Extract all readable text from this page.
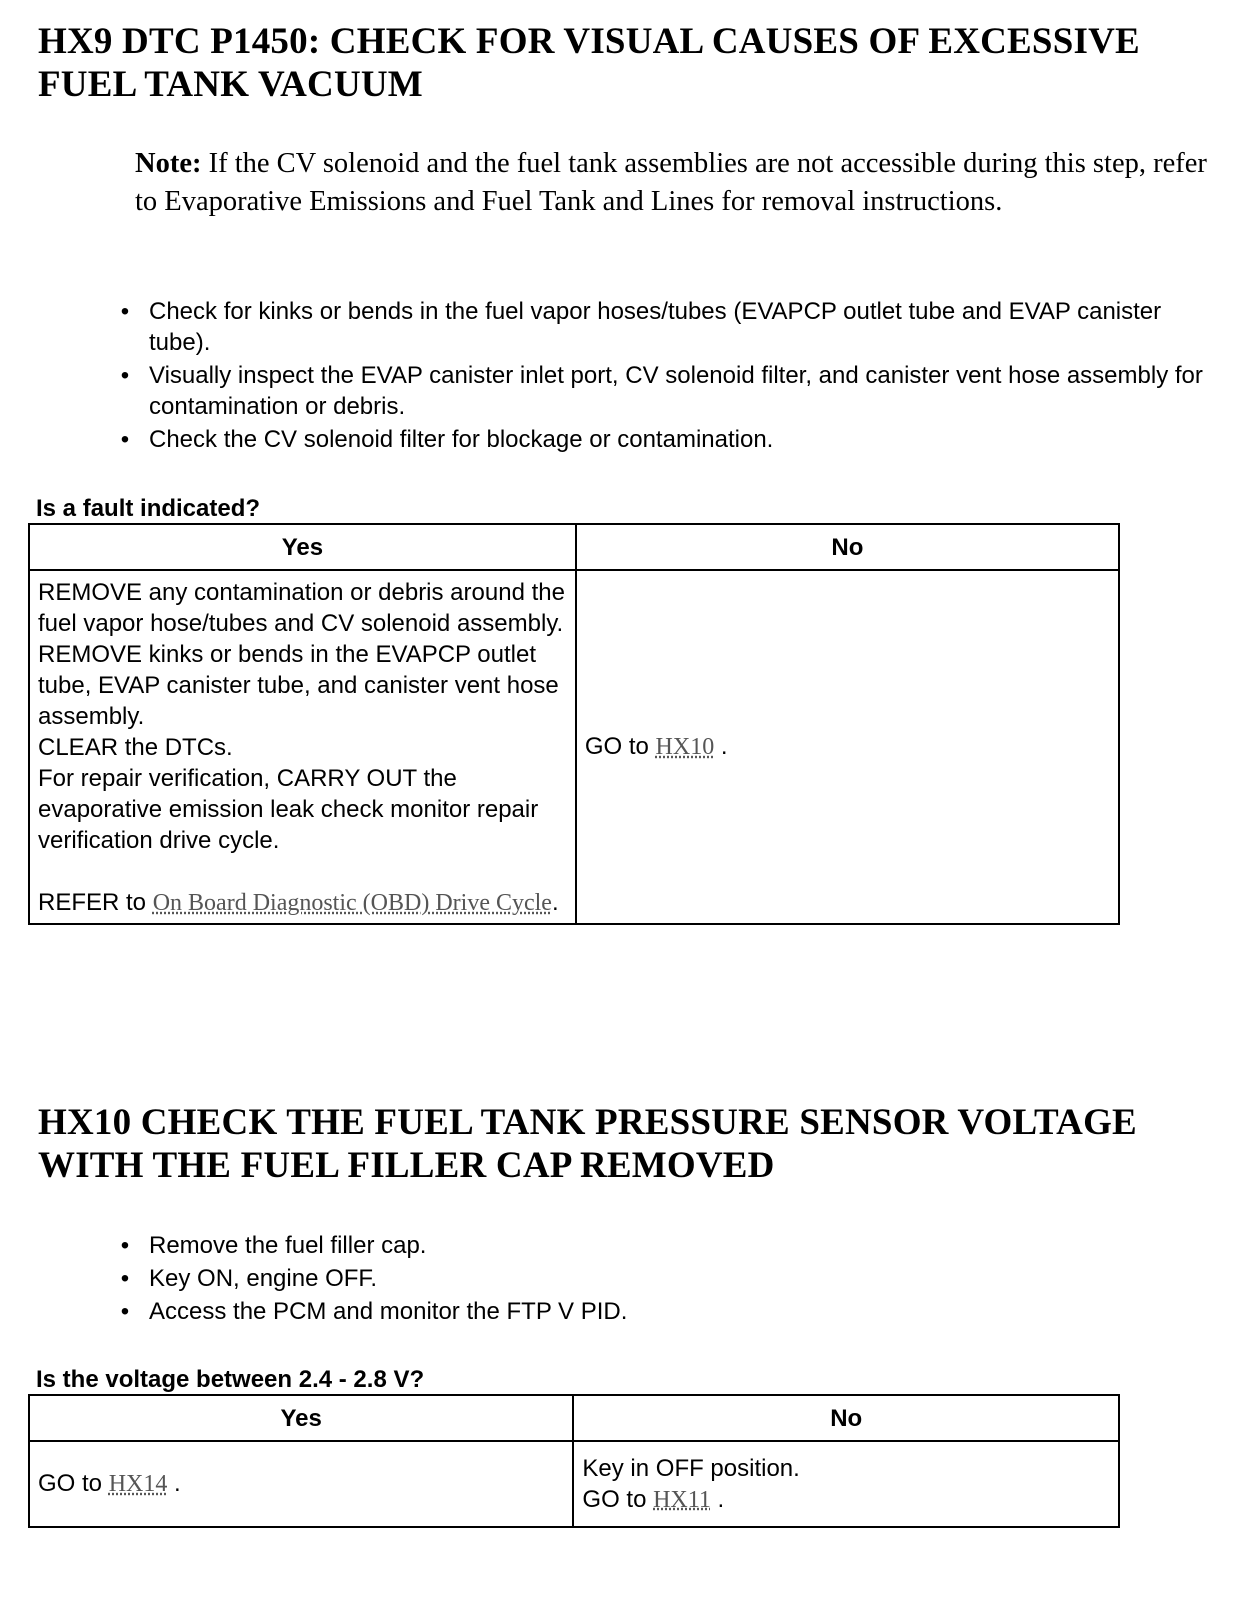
HX9 DTC P1450: CHECK FOR VISUAL CAUSES OF EXCESSIVE FUEL TANK VACUUM
Note: If the CV solenoid and the fuel tank assemblies are not accessible during this step, refer to Evaporative Emissions and Fuel Tank and Lines for removal instructions.
• Check for kinks or bends in the fuel vapor hoses/tubes (EVAPCP outlet tube and EVAP canister tube).
• Visually inspect the EVAP canister inlet port, CV solenoid filter, and canister vent hose assembly for contamination or debris.
• Check the CV solenoid filter for blockage or contamination.
Is a fault indicated?
Yes	No

REMOVE any contamination or debris around the fuel vapor hose/tubes and CV solenoid assembly.
REMOVE kinks or bends in the EVAPCP outlet tube, EVAP canister tube, and canister vent hose assembly.
CLEAR the DTCs.
For repair verification, CARRY OUT the evaporative emission leak check monitor repair verification drive cycle.
REFER to On Board Diagnostic (OBD) Drive Cycle.	GO to HX10 .
HX10 CHECK THE FUEL TANK PRESSURE SENSOR VOLTAGE WITH THE FUEL FILLER CAP REMOVED
• Remove the fuel filler cap.
• Key ON, engine OFF.
• Access the PCM and monitor the FTP V PID.
Is the voltage between 2.4 - 2.8 V?
Yes	No
GO to HX14 .	Key in OFF position.
GO to HX11 .
